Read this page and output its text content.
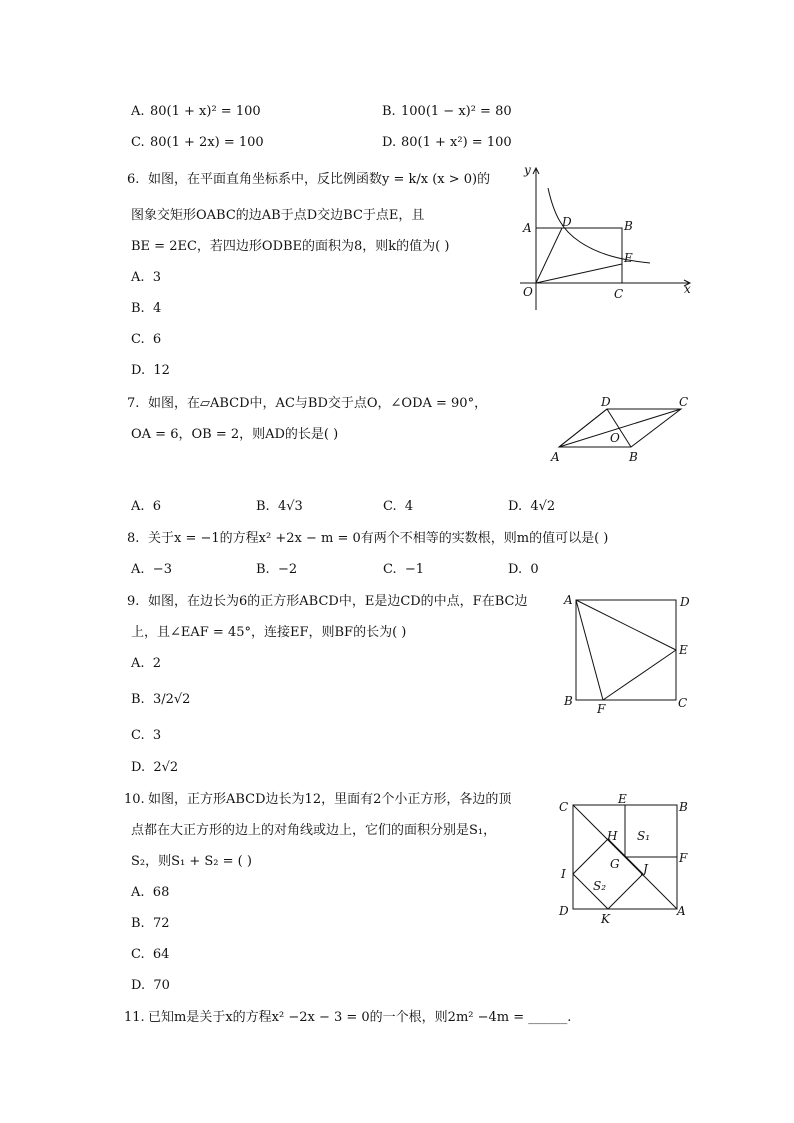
A. 80(1 + x)² = 100	B. 100(1 − x)² = 80
C. 80(1 + 2x) = 100	D. 80(1 + x²) = 100
6. 如图，在平面直角坐标系中，反比例函数y = k/x (x > 0)的
图象交矩形OABC的边AB于点D交边BC于点E，且
BE = 2EC，若四边形ODBE的面积为8，则k的值为( )
A. 3
B. 4
C. 6
D. 12
y
x
O
A	D	B
E
C
7. 如图，在▱ABCD中，AC与BD交于点O，∠ODA = 90°，
OA = 6，OB = 2，则AD的长是( )
A	B
C
D
O
A. 6	B. 4√3	C. 4	D. 4√2
8. 关于x = −1的方程x² +2x − m = 0有两个不相等的实数根，则m的值可以是( )
A. −3	B. −2	C. −1	D. 0
9. 如图，在边长为6的正方形ABCD中，E是边CD的中点，F在BC边
上，且∠EAF = 45°，连接EF，则BF的长为( )
A. 2
B. 3/2√2
C. 3
D. 2√2
A	D
E
B
F	C
10. 如图，正方形ABCD边长为12，里面有2个小正方形，各边的顶
点都在大正方形的边上的对角线或边上，它们的面积分别是S₁，
S₂，则S₁ + S₂ = ( )
A. 68
B. 72
C. 64
D. 70
C
E
B
F
H S₁
G J
I
S₂
D
K
A
11. 已知m是关于x的方程x² −2x − 3 = 0的一个根，则2m² −4m = ______.
